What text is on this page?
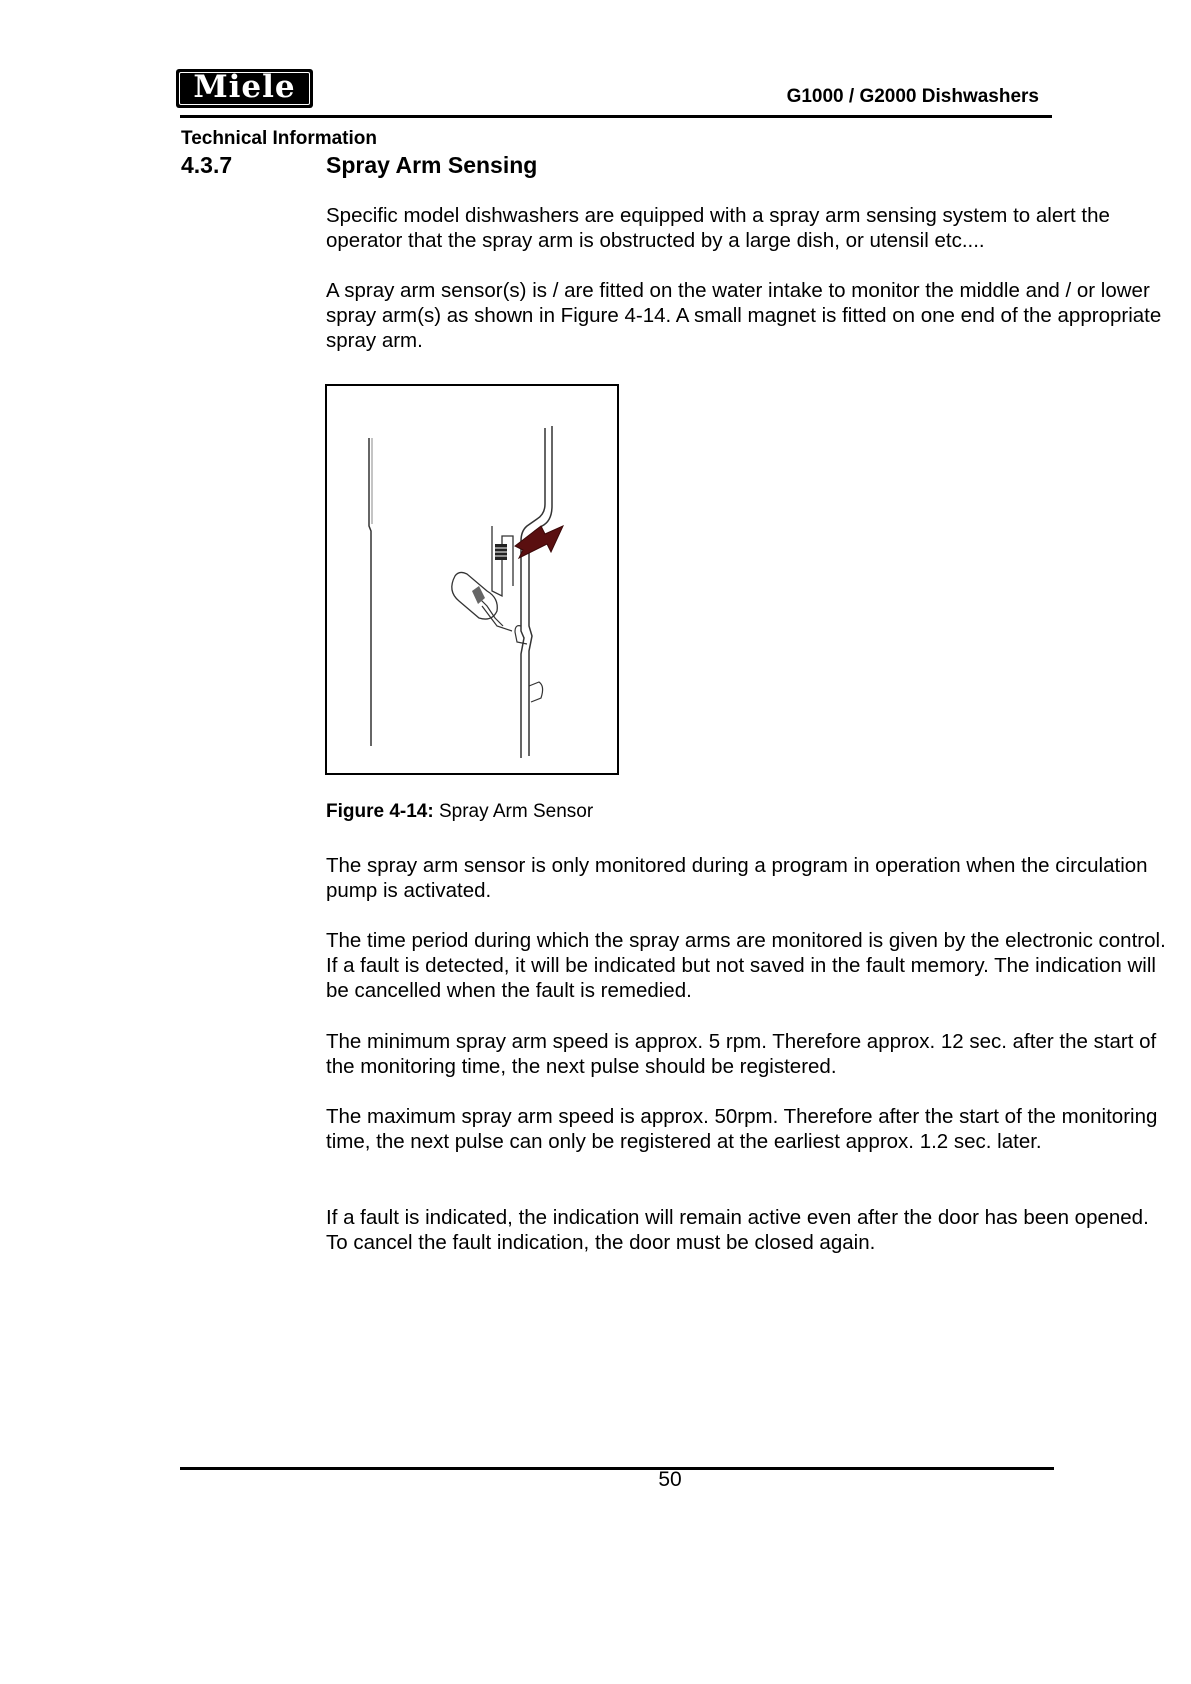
Miele	G1000 / G2000 Dishwashers
Technical Information
4.3.7	Spray Arm Sensing

Specific model dishwashers are equipped with a spray arm sensing system to alert the operator that the spray arm is obstructed by a large dish, or utensil etc....

A spray arm sensor(s) is / are fitted on the water intake to monitor the middle and / or lower spray arm(s) as shown in Figure 4-14. A small magnet is fitted on one end of the appropriate spray arm.

Figure 4-14: Spray Arm Sensor

The spray arm sensor is only monitored during a program in operation when the circulation pump is activated.

The time period during which the spray arms are monitored is given by the electronic control. If a fault is detected, it will be indicated but not saved in the fault memory. The indication will be cancelled when the fault is remedied.

The minimum spray arm speed is approx. 5 rpm. Therefore approx. 12 sec. after the start of the monitoring time, the next pulse should be registered.

The maximum spray arm speed is approx. 50rpm. Therefore after the start of the monitoring time, the next pulse can only be registered at the earliest approx. 1.2 sec. later.

If a fault is indicated, the indication will remain active even after the door has been opened. To cancel the fault indication, the door must be closed again.

50
